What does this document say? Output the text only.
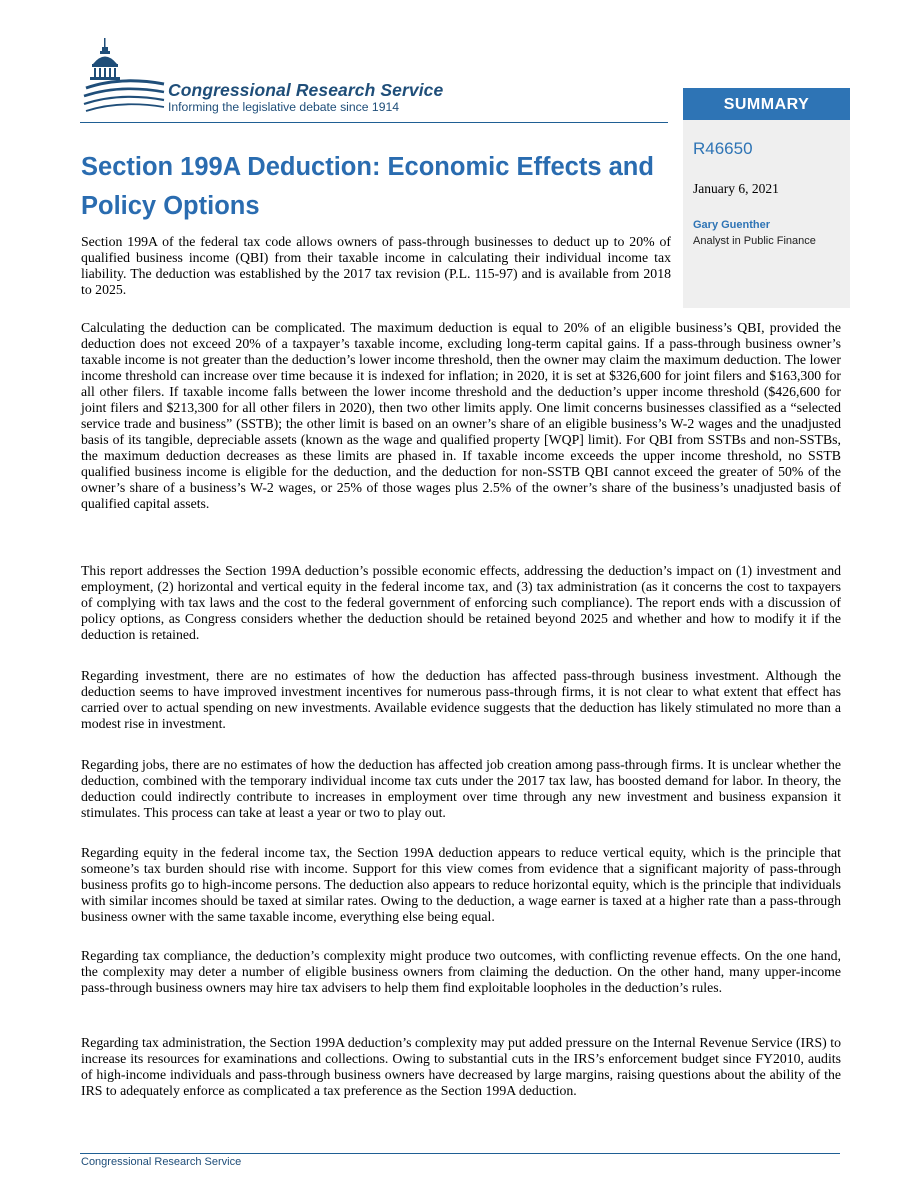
Congressional Research Service
Informing the legislative debate since 1914	SUMMARY
R46650
January 6, 2021
Gary Guenther
Analyst in Public Finance
Section 199A Deduction: Economic Effects and Policy Options

Section 199A of the federal tax code allows owners of pass-through businesses to deduct up to 20% of qualified business income (QBI) from their taxable income in calculating their individual income tax liability. The deduction was established by the 2017 tax revision (P.L. 115-97) and is available from 2018 to 2025.

Calculating the deduction can be complicated. The maximum deduction is equal to 20% of an eligible business’s QBI, provided the deduction does not exceed 20% of a taxpayer’s taxable income, excluding long-term capital gains. If a pass-through business owner’s taxable income is not greater than the deduction’s lower income threshold, then the owner may claim the maximum deduction. The lower income threshold can increase over time because it is indexed for inflation; in 2020, it is set at $326,600 for joint filers and $163,300 for all other filers. If taxable income falls between the lower income threshold and the deduction’s upper income threshold ($426,600 for joint filers and $213,300 for all other filers in 2020), then two other limits apply. One limit concerns businesses classified as a “selected service trade and business” (SSTB); the other limit is based on an owner’s share of an eligible business’s W-2 wages and the unadjusted basis of its tangible, depreciable assets (known as the wage and qualified property [WQP] limit). For QBI from SSTBs and non-SSTBs, the maximum deduction decreases as these limits are phased in. If taxable income exceeds the upper income threshold, no SSTB qualified business income is eligible for the deduction, and the deduction for non-SSTB QBI cannot exceed the greater of 50% of the owner’s share of a business’s W-2 wages, or 25% of those wages plus 2.5% of the owner’s share of the business’s unadjusted basis of qualified capital assets.

This report addresses the Section 199A deduction’s possible economic effects, addressing the deduction’s impact on (1) investment and employment, (2) horizontal and vertical equity in the federal income tax, and (3) tax administration (as it concerns the cost to taxpayers of complying with tax laws and the cost to the federal government of enforcing such compliance). The report ends with a discussion of policy options, as Congress considers whether the deduction should be retained beyond 2025 and whether and how to modify it if the deduction is retained.

Regarding investment, there are no estimates of how the deduction has affected pass-through business investment. Although the deduction seems to have improved investment incentives for numerous pass-through firms, it is not clear to what extent that effect has carried over to actual spending on new investments. Available evidence suggests that the deduction has likely stimulated no more than a modest rise in investment.

Regarding jobs, there are no estimates of how the deduction has affected job creation among pass-through firms. It is unclear whether the deduction, combined with the temporary individual income tax cuts under the 2017 tax law, has boosted demand for labor. In theory, the deduction could indirectly contribute to increases in employment over time through any new investment and business expansion it stimulates. This process can take at least a year or two to play out.

Regarding equity in the federal income tax, the Section 199A deduction appears to reduce vertical equity, which is the principle that someone’s tax burden should rise with income. Support for this view comes from evidence that a significant majority of pass-through business profits go to high-income persons. The deduction also appears to reduce horizontal equity, which is the principle that individuals with similar incomes should be taxed at similar rates. Owing to the deduction, a wage earner is taxed at a higher rate than a pass-through business owner with the same taxable income, everything else being equal.

Regarding tax compliance, the deduction’s complexity might produce two outcomes, with conflicting revenue effects. On the one hand, the complexity may deter a number of eligible business owners from claiming the deduction. On the other hand, many upper-income pass-through business owners may hire tax advisers to help them find exploitable loopholes in the deduction’s rules.

Regarding tax administration, the Section 199A deduction’s complexity may put added pressure on the Internal Revenue Service (IRS) to increase its resources for examinations and collections. Owing to substantial cuts in the IRS’s enforcement budget since FY2010, audits of high-income individuals and pass-through business owners have decreased by large margins, raising questions about the ability of the IRS to adequately enforce as complicated a tax preference as the Section 199A deduction.

Congressional Research Service
